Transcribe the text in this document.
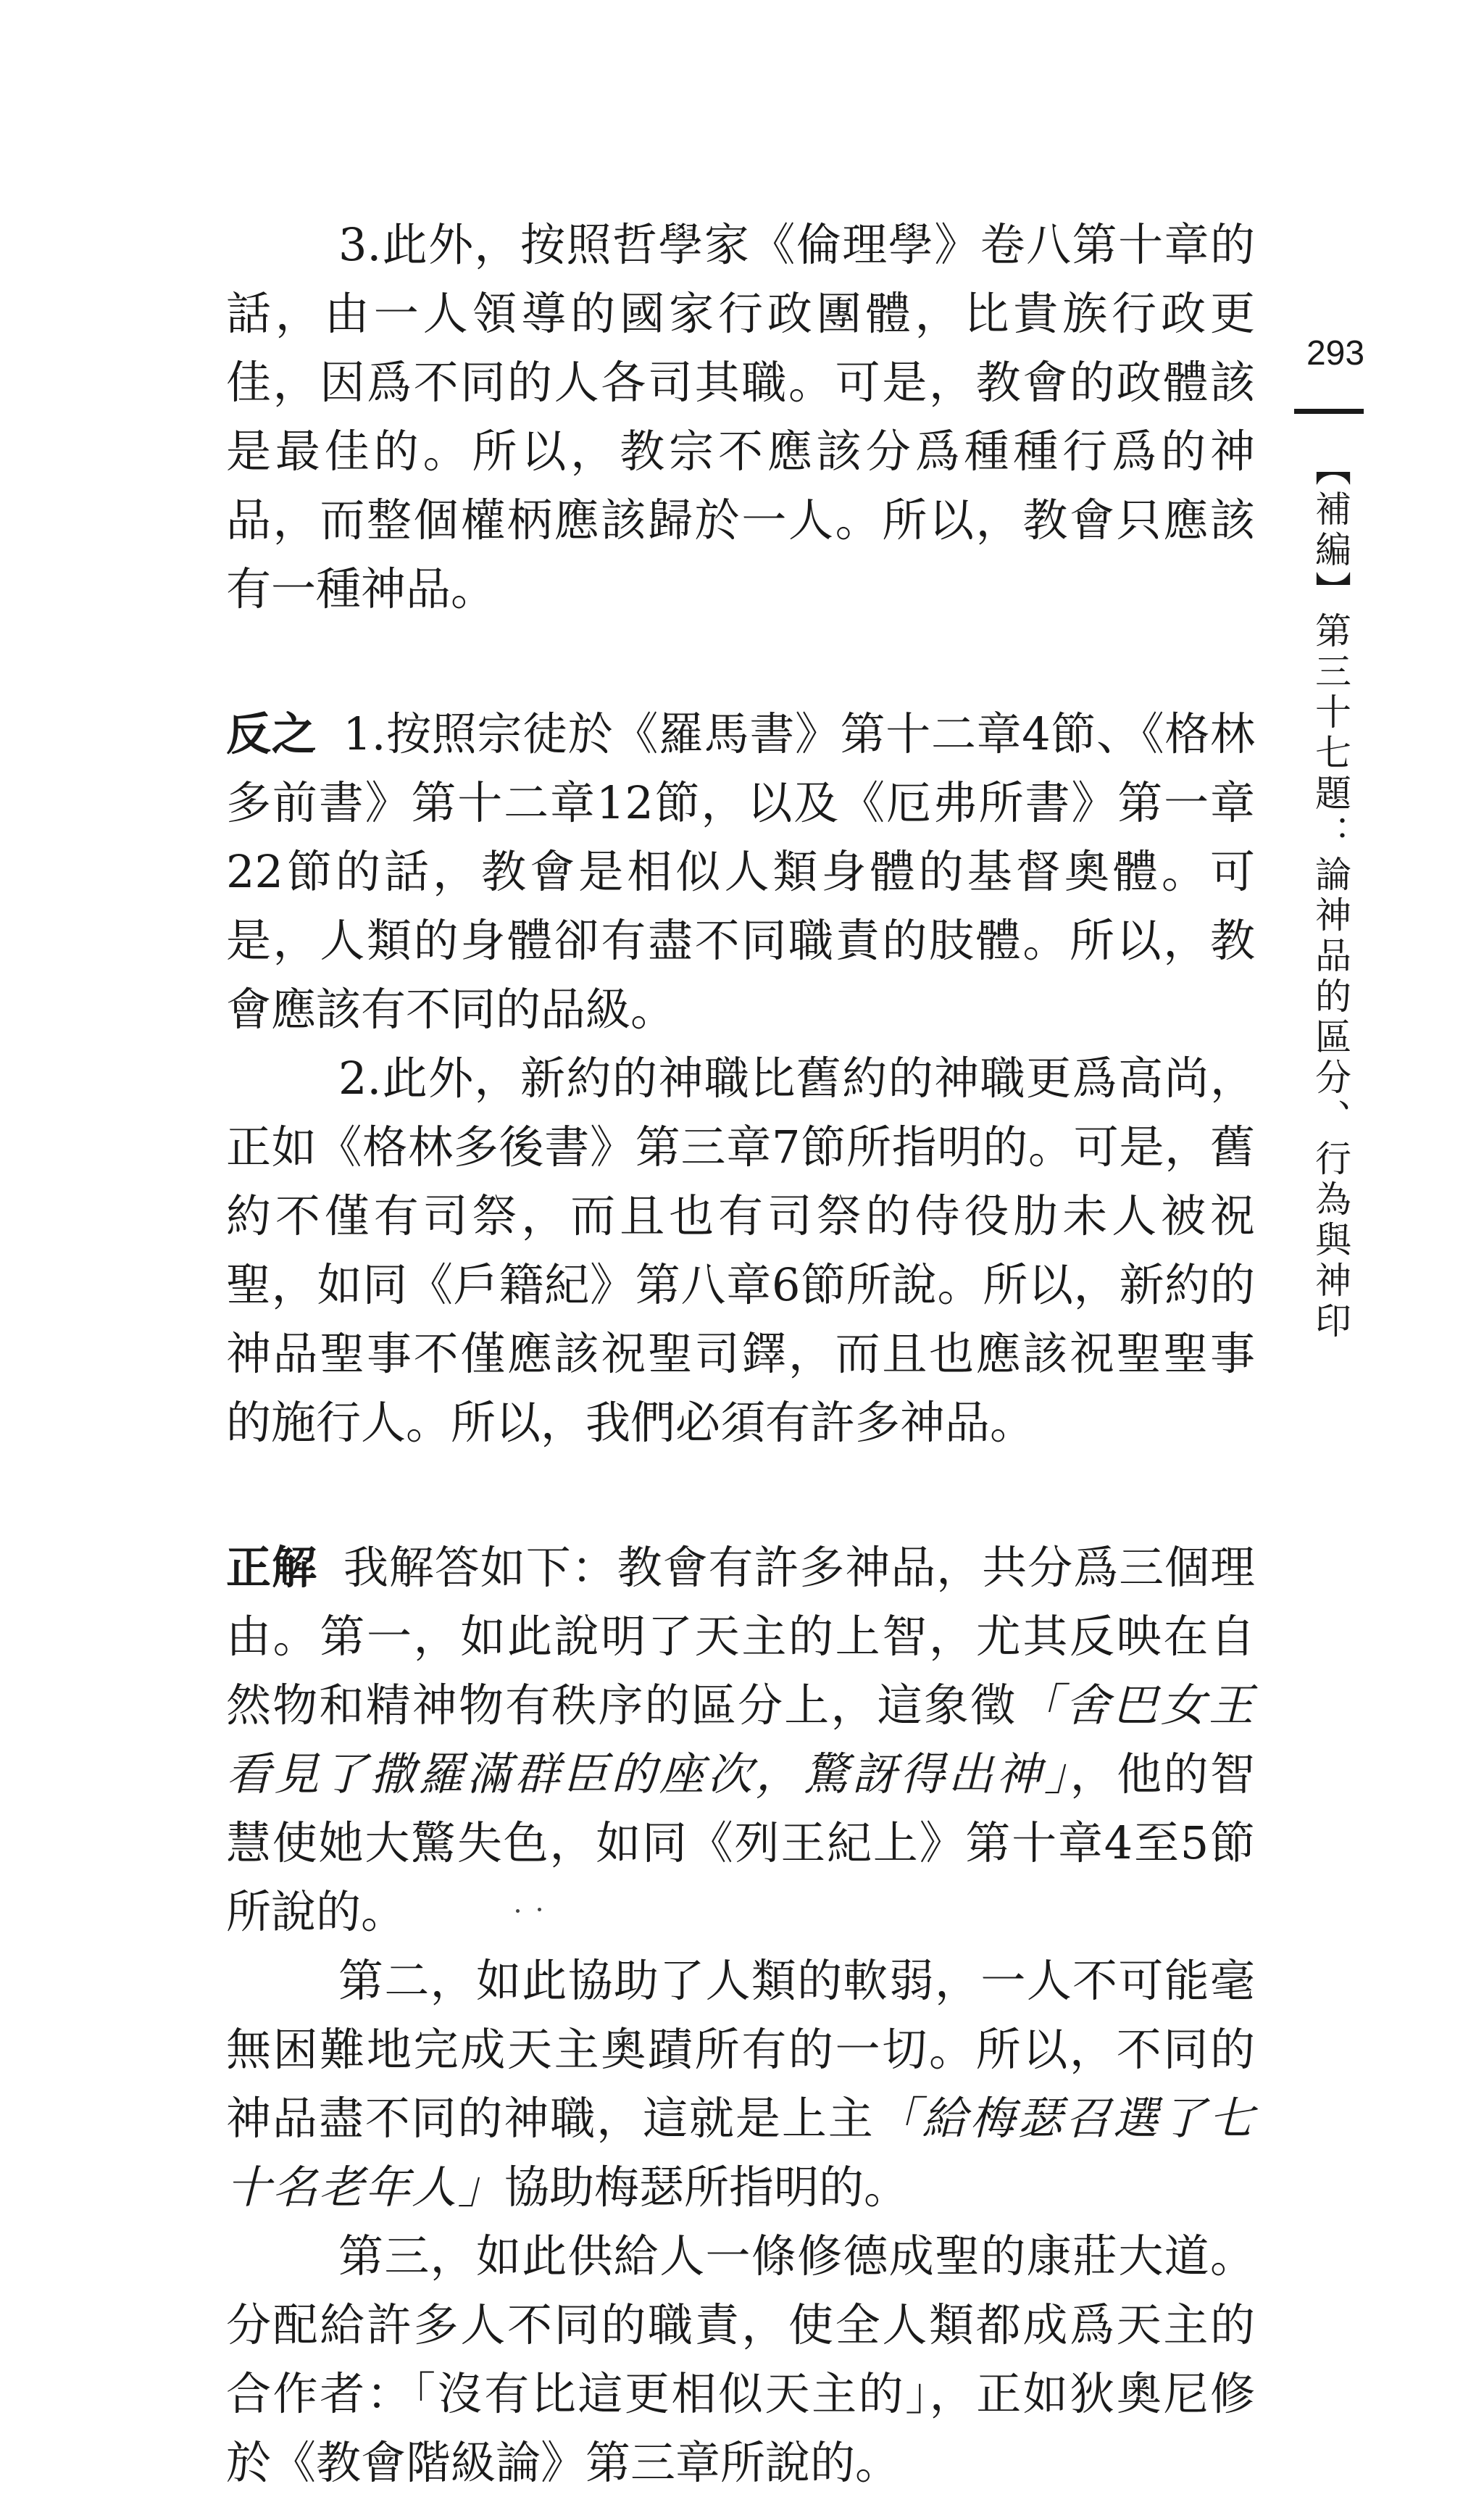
3.此外，按照哲學家《倫理學》卷八第十章的話，由一人領導的國家行政團體，比貴族行政更佳，因爲不同的人各司其職。可是，教會的政體該是最佳的。所以，教宗不應該分爲種種行爲的神品，而整個權柄應該歸於一人。所以，教會只應該有一種神品。

反之 1.按照宗徒於《羅馬書》第十二章4節、《格林多前書》第十二章12節，以及《厄弗所書》第一章22節的話，教會是相似人類身體的基督奧體。可是，人類的身體卻有盡不同職責的肢體。所以，教會應該有不同的品級。

2.此外，新約的神職比舊約的神職更爲高尚，正如《格林多後書》第三章7節所指明的。可是，舊約不僅有司祭，而且也有司祭的侍役肋未人被祝聖，如同《戶籍紀》第八章6節所說。所以，新約的神品聖事不僅應該祝聖司鐸，而且也應該祝聖聖事的施行人。所以，我們必須有許多神品。

正解 我解答如下：教會有許多神品，共分爲三個理由。第一，如此說明了天主的上智，尤其反映在自然物和精神物有秩序的區分上，這象徵「舍巴女王看見了撒羅滿群臣的座次，驚訝得出神」，他的智慧使她大驚失色，如同《列王紀上》第十章4至5節所說的。

第二，如此協助了人類的軟弱，一人不可能毫無困難地完成天主奧蹟所有的一切。所以，不同的神品盡不同的神職，這就是上主「給梅瑟召選了七十名老年人」協助梅瑟所指明的。

第三，如此供給人一條修德成聖的康莊大道。分配給許多人不同的職責，使全人類都成爲天主的合作者：「沒有比這更相似天主的」，正如狄奧尼修於《教會階級論》第三章所說的。

293
【補編】第三十七題：論神品的區分、行為與神印
